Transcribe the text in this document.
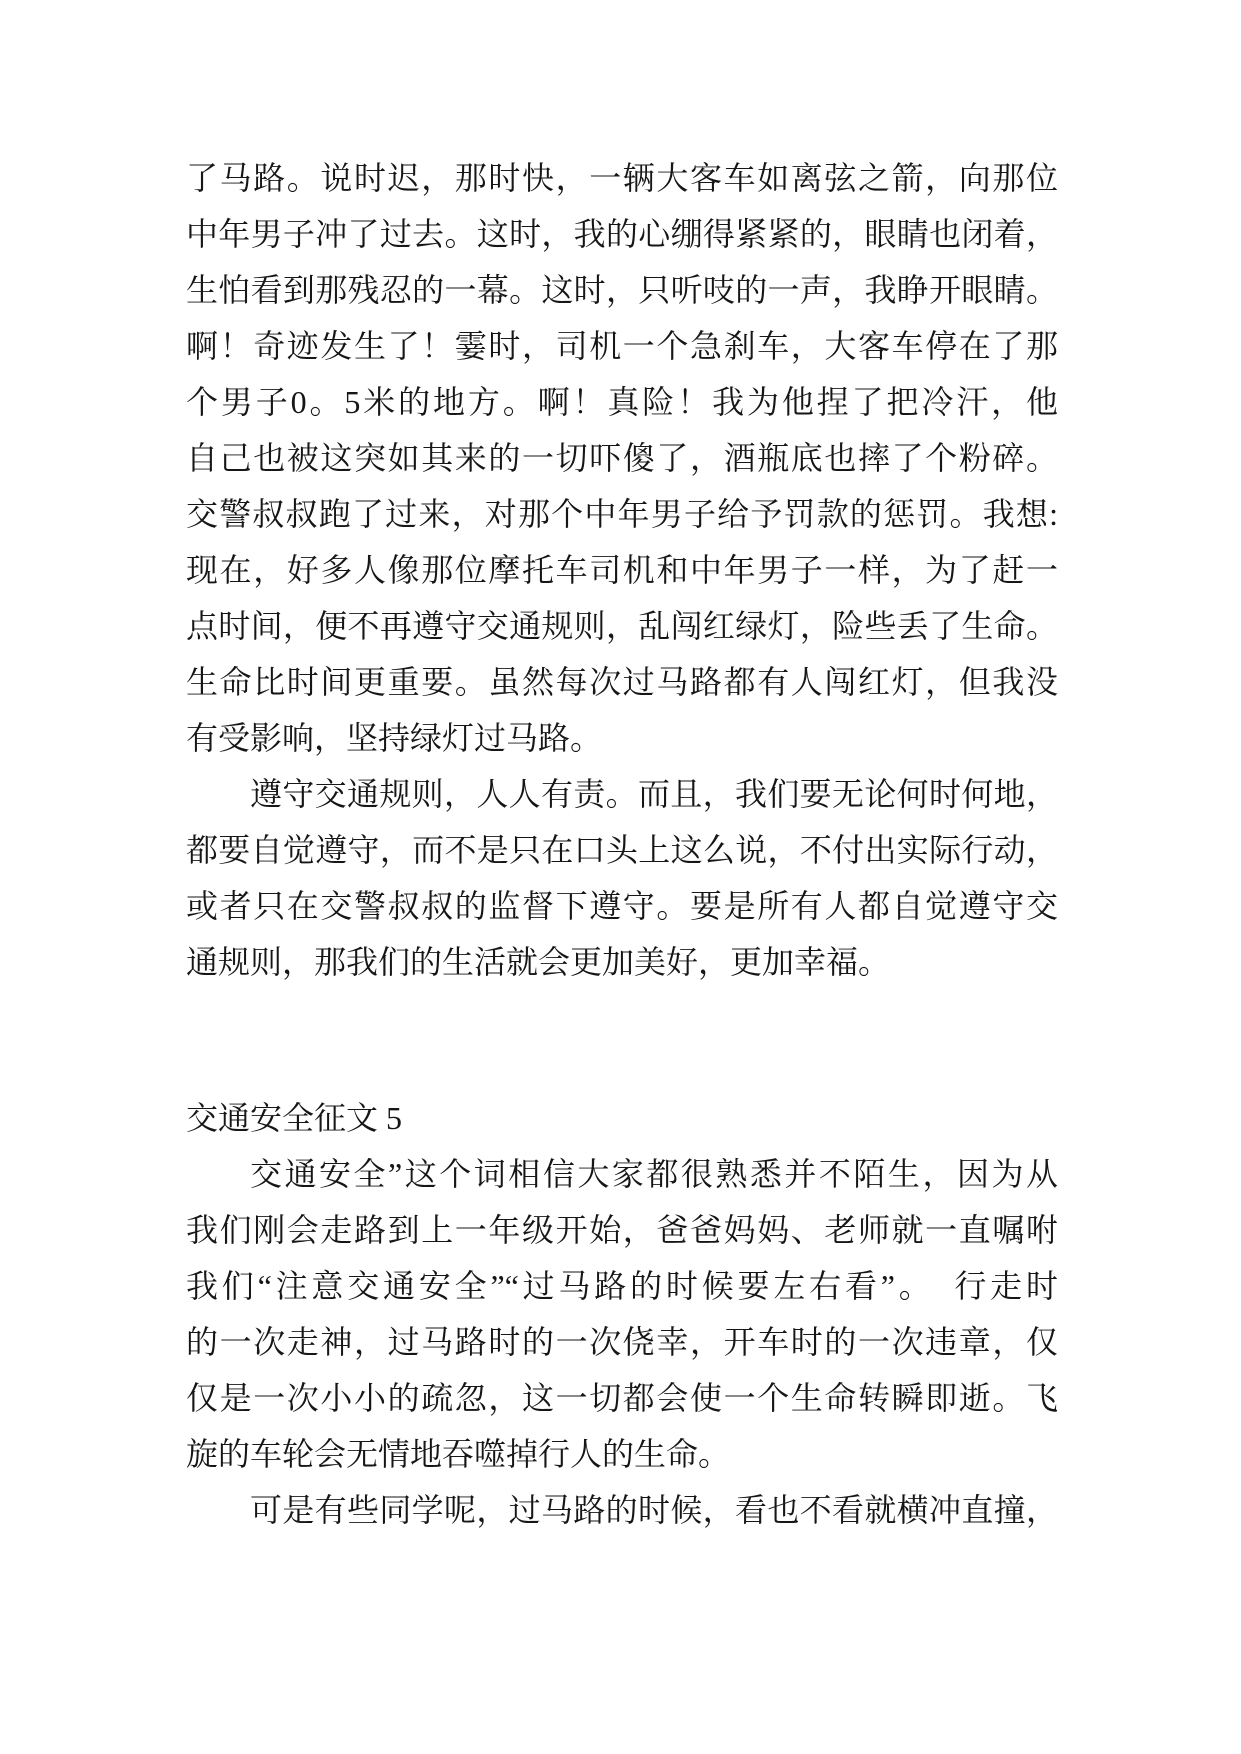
了马路。说时迟，那时快，一辆大客车如离弦之箭，向那位
中年男子冲了过去。这时，我的心绷得紧紧的，眼睛也闭着，
生怕看到那残忍的一幕。这时，只听吱的一声，我睁开眼睛。
啊！奇迹发生了！霎时，司机一个急刹车，大客车停在了那
个男子0。5米的地方。啊！真险！我为他捏了把冷汗，他
自己也被这突如其来的一切吓傻了，酒瓶底也摔了个粉碎。
交警叔叔跑了过来，对那个中年男子给予罚款的惩罚。我想:
现在，好多人像那位摩托车司机和中年男子一样，为了赶一
点时间，便不再遵守交通规则，乱闯红绿灯，险些丢了生命。
生命比时间更重要。虽然每次过马路都有人闯红灯，但我没
有受影响，坚持绿灯过马路。
遵守交通规则，人人有责。而且，我们要无论何时何地，
都要自觉遵守，而不是只在口头上这么说，不付出实际行动，
或者只在交警叔叔的监督下遵守。要是所有人都自觉遵守交
通规则，那我们的生活就会更加美好，更加幸福。
交通安全征文 5
交通安全”这个词相信大家都很熟悉并不陌生，因为从
我们刚会走路到上一年级开始，爸爸妈妈、老师就一直嘱咐
我们“注意交通安全”“过马路的时候要左右看”。　行走时
的一次走神，过马路时的一次侥幸，开车时的一次违章，仅
仅是一次小小的疏忽，这一切都会使一个生命转瞬即逝。飞
旋的车轮会无情地吞噬掉行人的生命。
可是有些同学呢，过马路的时候，看也不看就横冲直撞，
